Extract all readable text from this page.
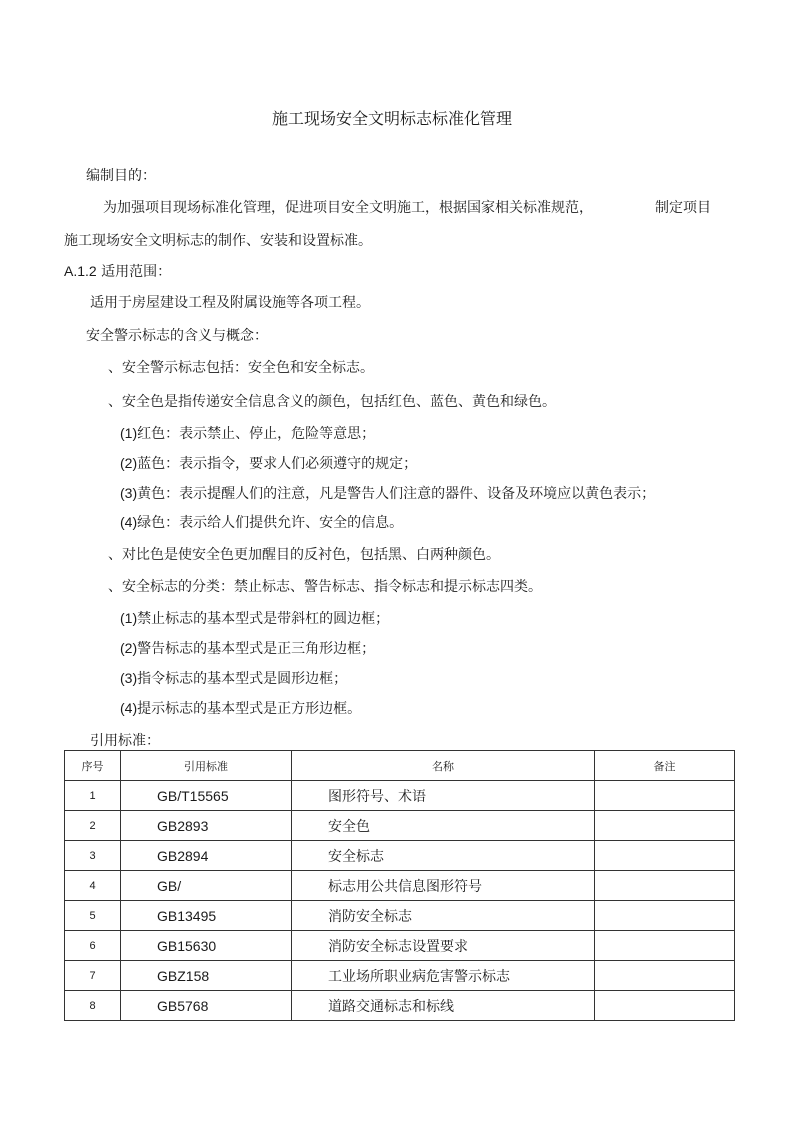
施工现场安全文明标志标准化管理
编制目的：
为加强项目现场标准化管理，促进项目安全文明施工，根据国家相关标准规范，	制定项目
施工现场安全文明标志的制作、安装和设置标准。
A.1.2 适用范围：
适用于房屋建设工程及附属设施等各项工程。
安全警示标志的含义与概念：
、安全警示标志包括：安全色和安全标志。
、安全色是指传递安全信息含义的颜色，包括红色、蓝色、黄色和绿色。
(1)红色：表示禁止、停止，危险等意思；
(2)蓝色：表示指令，要求人们必须遵守的规定；
(3)黄色：表示提醒人们的注意，凡是警告人们注意的器件、设备及环境应以黄色表示；
(4)绿色：表示给人们提供允许、安全的信息。
、对比色是使安全色更加醒目的反衬色，包括黑、白两种颜色。
、安全标志的分类：禁止标志、警告标志、指令标志和提示标志四类。
(1)禁止标志的基本型式是带斜杠的圆边框；
(2)警告标志的基本型式是正三角形边框；
(3)指令标志的基本型式是圆形边框；
(4)提示标志的基本型式是正方形边框。
引用标准：
序号	引用标准	名称	备注
1	GB/T15565	图形符号、术语	
2	GB2893	安全色	
3	GB2894	安全标志	
4	GB/	标志用公共信息图形符号	
5	GB13495	消防安全标志	
6	GB15630	消防安全标志设置要求	
7	GBZ158	工业场所职业病危害警示标志	
8	GB5768	道路交通标志和标线	
